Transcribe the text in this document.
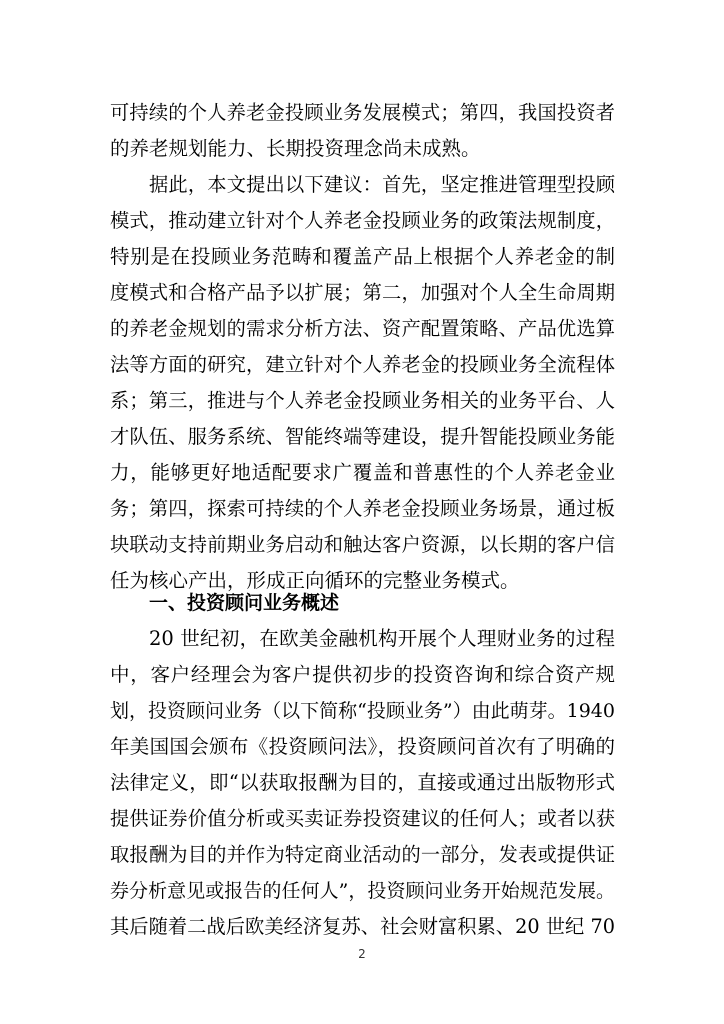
可持续的个人养老金投顾业务发展模式；第四，我国投资者
的养老规划能力、长期投资理念尚未成熟。
据此，本文提出以下建议：首先，坚定推进管理型投顾
模式，推动建立针对个人养老金投顾业务的政策法规制度，
特别是在投顾业务范畴和覆盖产品上根据个人养老金的制
度模式和合格产品予以扩展；第二，加强对个人全生命周期
的养老金规划的需求分析方法、资产配置策略、产品优选算
法等方面的研究，建立针对个人养老金的投顾业务全流程体
系；第三，推进与个人养老金投顾业务相关的业务平台、人
才队伍、服务系统、智能终端等建设，提升智能投顾业务能
力，能够更好地适配要求广覆盖和普惠性的个人养老金业
务；第四，探索可持续的个人养老金投顾业务场景，通过板
块联动支持前期业务启动和触达客户资源，以长期的客户信
任为核心产出，形成正向循环的完整业务模式。
一、投资顾问业务概述
20 世纪初，在欧美金融机构开展个人理财业务的过程
中，客户经理会为客户提供初步的投资咨询和综合资产规
划，投资顾问业务（以下简称“投顾业务”）由此萌芽。1940
年美国国会颁布《投资顾问法》，投资顾问首次有了明确的
法律定义，即“以获取报酬为目的，直接或通过出版物形式
提供证券价值分析或买卖证券投资建议的任何人；或者以获
取报酬为目的并作为特定商业活动的一部分，发表或提供证
券分析意见或报告的任何人”，投资顾问业务开始规范发展。
其后随着二战后欧美经济复苏、社会财富积累、20 世纪 70
2
